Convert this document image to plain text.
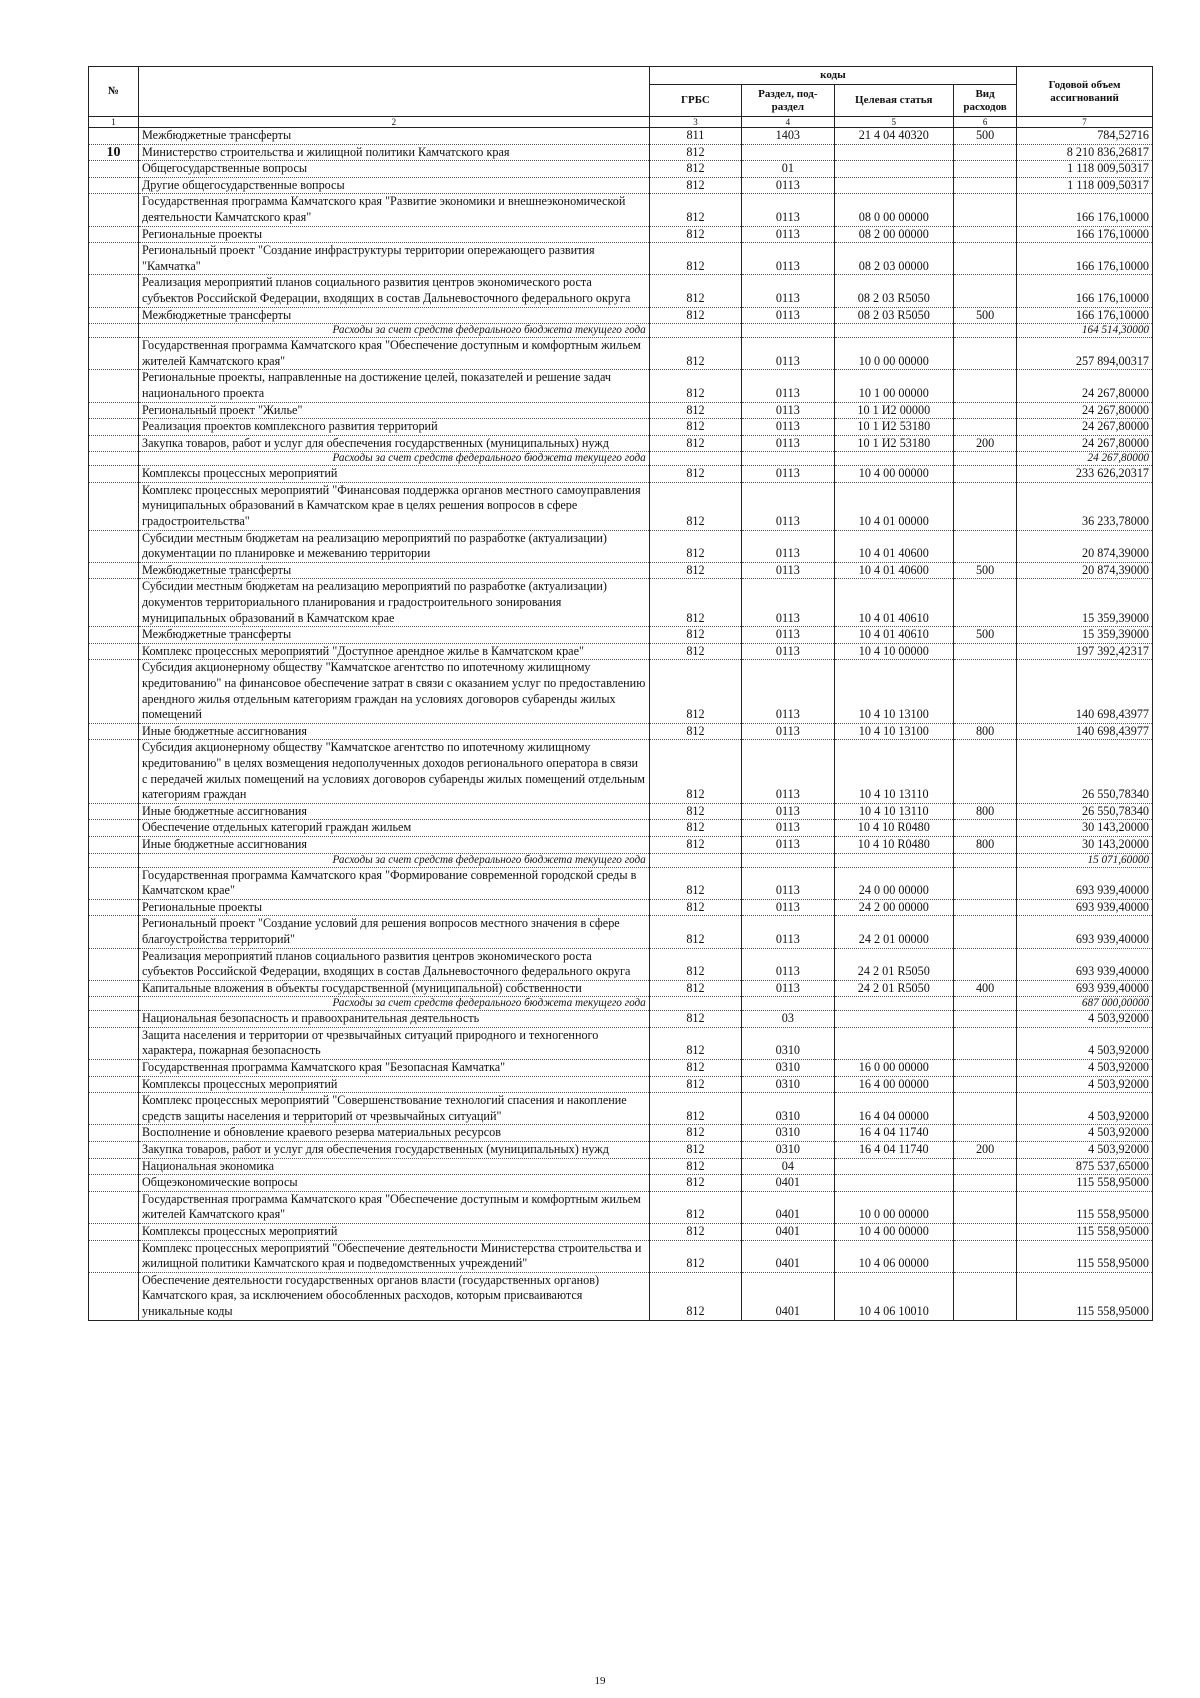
№		коды				Годовой объем ассигнований
		ГРБС	Раздел, под-раздел	Целевая статья	Вид расходов	
1	2	3	4	5	6	7
	Межбюджетные трансферты	811	1403	21 4 04 40320	500	784,52716
10	Министерство строительства и жилищной политики Камчатского края	812				8 210 836,26817
	Общегосударственные вопросы	812	01			1 118 009,50317
	Другие общегосударственные вопросы	812	0113			1 118 009,50317
	Государственная программа Камчатского края "Развитие экономики и внешнеэкономической деятельности Камчатского края"	812	0113	08 0 00 00000		166 176,10000
	Региональные проекты	812	0113	08 2 00 00000		166 176,10000
	Региональный проект "Создание инфраструктуры территории опережающего развития "Камчатка"	812	0113	08 2 03 00000		166 176,10000
	Реализация мероприятий планов социального развития центров экономического роста субъектов Российской Федерации, входящих в состав Дальневосточного федерального округа	812	0113	08 2 03 R5050		166 176,10000
	Межбюджетные трансферты	812	0113	08 2 03 R5050	500	166 176,10000
	Расходы за счет средств федерального бюджета текущего года					164 514,30000
	Государственная программа Камчатского края "Обеспечение доступным и комфортным жильем жителей Камчатского края"	812	0113	10 0 00 00000		257 894,00317
	Региональные проекты, направленные на достижение целей, показателей и решение задач национального проекта	812	0113	10 1 00 00000		24 267,80000
	Региональный проект "Жилье"	812	0113	10 1 И2 00000		24 267,80000
	Реализация проектов комплексного развития территорий	812	0113	10 1 И2 53180		24 267,80000
	Закупка товаров, работ и услуг для обеспечения государственных (муниципальных) нужд	812	0113	10 1 И2 53180	200	24 267,80000
	Расходы за счет средств федерального бюджета текущего года					24 267,80000
	Комплексы процессных мероприятий	812	0113	10 4 00 00000		233 626,20317
	Комплекс процессных мероприятий "Финансовая поддержка органов местного самоуправления муниципальных образований в Камчатском крае в целях решения вопросов в сфере градостроительства"	812	0113	10 4 01 00000		36 233,78000
	Субсидии местным бюджетам на реализацию мероприятий по разработке (актуализации) документации по планировке и межеванию территории	812	0113	10 4 01 40600		20 874,39000
	Межбюджетные трансферты	812	0113	10 4 01 40600	500	20 874,39000
	Субсидии местным бюджетам на реализацию мероприятий по разработке (актуализации) документов территориального планирования и градостроительного зонирования муниципальных образований в Камчатском крае	812	0113	10 4 01 40610		15 359,39000
	Межбюджетные трансферты	812	0113	10 4 01 40610	500	15 359,39000
	Комплекс процессных мероприятий "Доступное арендное жилье в Камчатском крае"	812	0113	10 4 10 00000		197 392,42317
	Субсидия акционерному обществу "Камчатское агентство по ипотечному жилищному кредитованию" на финансовое обеспечение затрат в связи с оказанием услуг по предоставлению арендного жилья отдельным категориям граждан на условиях договоров субаренды жилых помещений	812	0113	10 4 10 13100		140 698,43977
	Иные бюджетные ассигнования	812	0113	10 4 10 13100	800	140 698,43977
	Субсидия акционерному обществу "Камчатское агентство по ипотечному жилищному кредитованию" в целях возмещения недополученных доходов регионального оператора в связи с передачей жилых помещений на условиях договоров субаренды жилых помещений отдельным категориям граждан	812	0113	10 4 10 13110		26 550,78340
	Иные бюджетные ассигнования	812	0113	10 4 10 13110	800	26 550,78340
	Обеспечение отдельных категорий граждан жильем	812	0113	10 4 10 R0480		30 143,20000
	Иные бюджетные ассигнования	812	0113	10 4 10 R0480	800	30 143,20000
	Расходы за счет средств федерального бюджета текущего года					15 071,60000
	Государственная программа Камчатского края "Формирование современной городской среды в Камчатском крае"	812	0113	24 0 00 00000		693 939,40000
	Региональные проекты	812	0113	24 2 00 00000		693 939,40000
	Региональный проект "Создание условий для решения вопросов местного значения в сфере благоустройства территорий"	812	0113	24 2 01 00000		693 939,40000
	Реализация мероприятий планов социального развития центров экономического роста субъектов Российской Федерации, входящих в состав Дальневосточного федерального округа	812	0113	24 2 01 R5050		693 939,40000
	Капитальные вложения в объекты государственной (муниципальной) собственности	812	0113	24 2 01 R5050	400	693 939,40000
	Расходы за счет средств федерального бюджета текущего года					687 000,00000
	Национальная безопасность и правоохранительная деятельность	812	03			4 503,92000
	Защита населения и территории от чрезвычайных ситуаций природного и техногенного характера, пожарная безопасность	812	0310			4 503,92000
	Государственная программа Камчатского края "Безопасная Камчатка"	812	0310	16 0 00 00000		4 503,92000
	Комплексы процессных мероприятий	812	0310	16 4 00 00000		4 503,92000
	Комплекс процессных мероприятий "Совершенствование технологий спасения и накопление средств защиты населения и территорий от чрезвычайных ситуаций"	812	0310	16 4 04 00000		4 503,92000
	Восполнение и обновление краевого резерва материальных ресурсов	812	0310	16 4 04 11740		4 503,92000
	Закупка товаров, работ и услуг для обеспечения государственных (муниципальных) нужд	812	0310	16 4 04 11740	200	4 503,92000
	Национальная экономика	812	04			875 537,65000
	Общеэкономические вопросы	812	0401			115 558,95000
	Государственная программа Камчатского края "Обеспечение доступным и комфортным жильем жителей Камчатского края"	812	0401	10 0 00 00000		115 558,95000
	Комплексы процессных мероприятий	812	0401	10 4 00 00000		115 558,95000
	Комплекс процессных мероприятий "Обеспечение деятельности Министерства строительства и жилищной политики Камчатского края и подведомственных учреждений"	812	0401	10 4 06 00000		115 558,95000
	Обеспечение деятельности государственных органов власти (государственных органов) Камчатского края, за исключением обособленных расходов, которым присваиваются уникальные коды	812	0401	10 4 06 10010		115 558,95000
19
